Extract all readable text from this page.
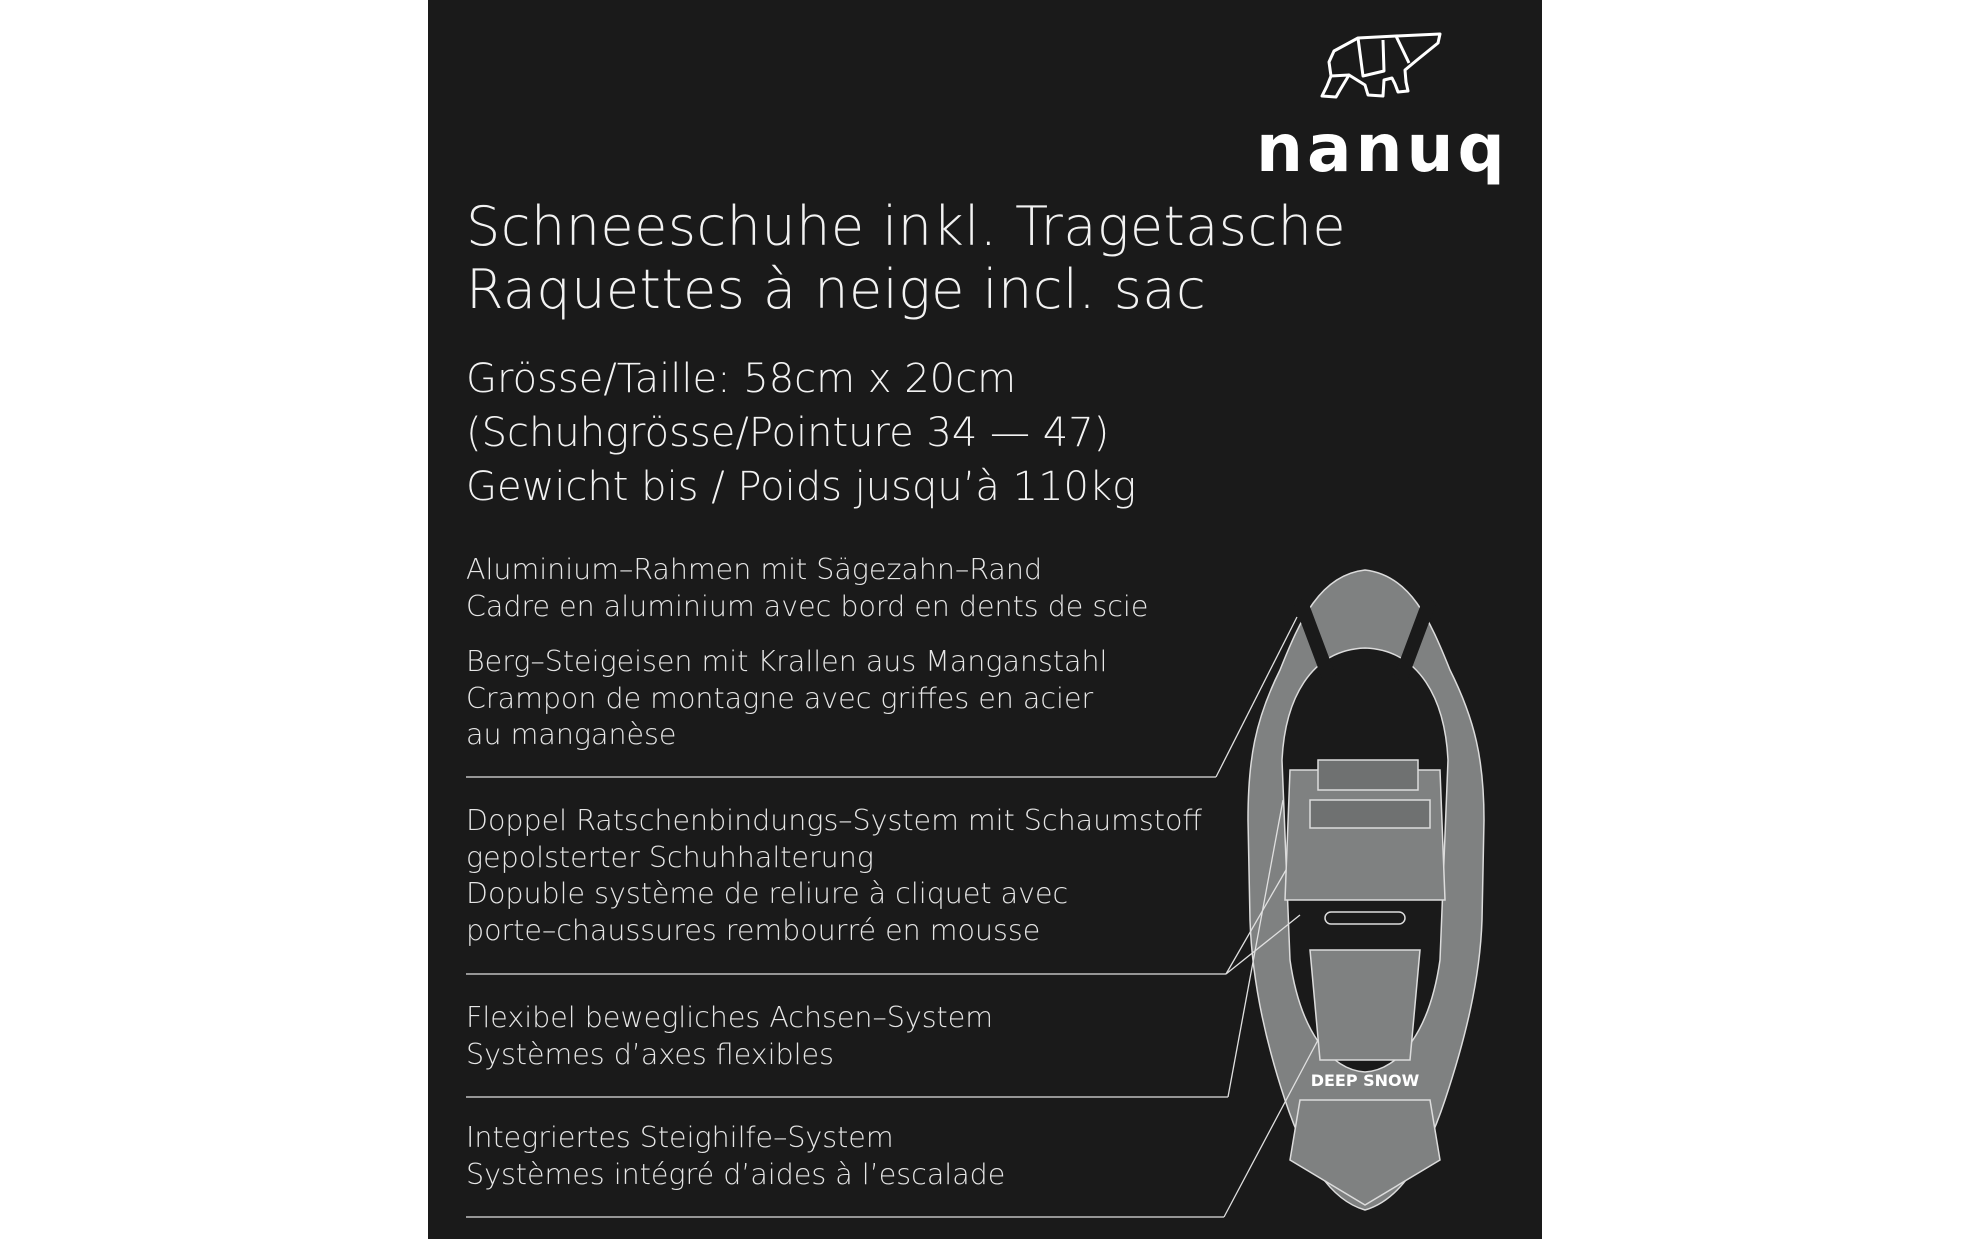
DEEP SNOW
nanuq
Schneeschuhe inkl. Tragetasche
Raquettes à neige incl. sac
Grösse/Taille: 58cm x 20cm
(Schuhgrösse/Pointure 34 — 47)
Gewicht bis / Poids jusqu’à 110kg
Aluminium–Rahmen mit Sägezahn–Rand
Cadre en aluminium avec bord en dents de scie
Berg–Steigeisen mit Krallen aus Manganstahl
Crampon de montagne avec griffes en acier
au manganèse
Doppel Ratschenbindungs–System mit Schaumstoff
gepolsterter Schuhhalterung
Dopuble système de reliure à cliquet avec
porte–chaussures rembourré en mousse
Flexibel bewegliches Achsen–System
Systèmes d’axes flexibles
Integriertes Steighilfe–System
Systèmes intégré d’aides à l’escalade
